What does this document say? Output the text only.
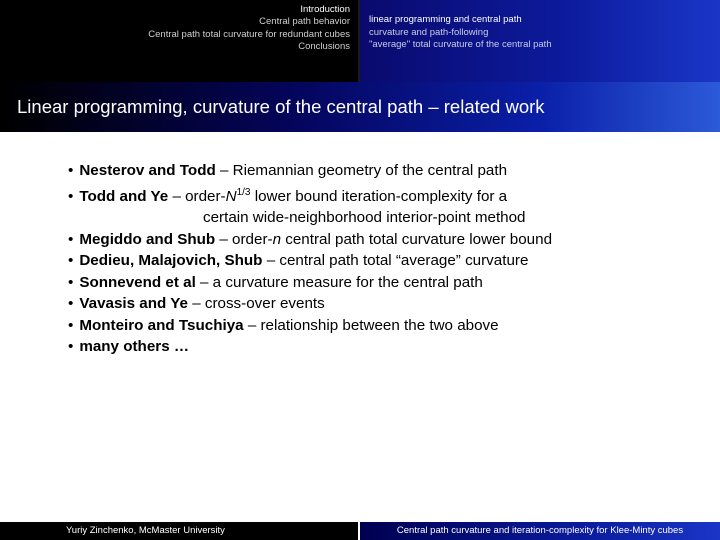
Introduction
Central path behavior
Central path total curvature for redundant cubes
Conclusions
linear programming and central path
curvature and path-following
"average" total curvature of the central path
Linear programming, curvature of the central path – related work
• Nesterov and Todd – Riemannian geometry of the central path
• Todd and Ye – order-$N^{1/3}$ lower bound iteration-complexity for a
certain wide-neighborhood interior-point method
• Megiddo and Shub – order-n central path total curvature lower bound
• Dedieu, Malajovich, Shub – central path total “average” curvature
• Sonnevend et al – a curvature measure for the central path
• Vavasis and Ye – cross-over events
• Monteiro and Tsuchiya – relationship between the two above
• many others …
Yuriy Zinchenko, McMaster University	Central path curvature and iteration-complexity for Klee-Minty cubes
